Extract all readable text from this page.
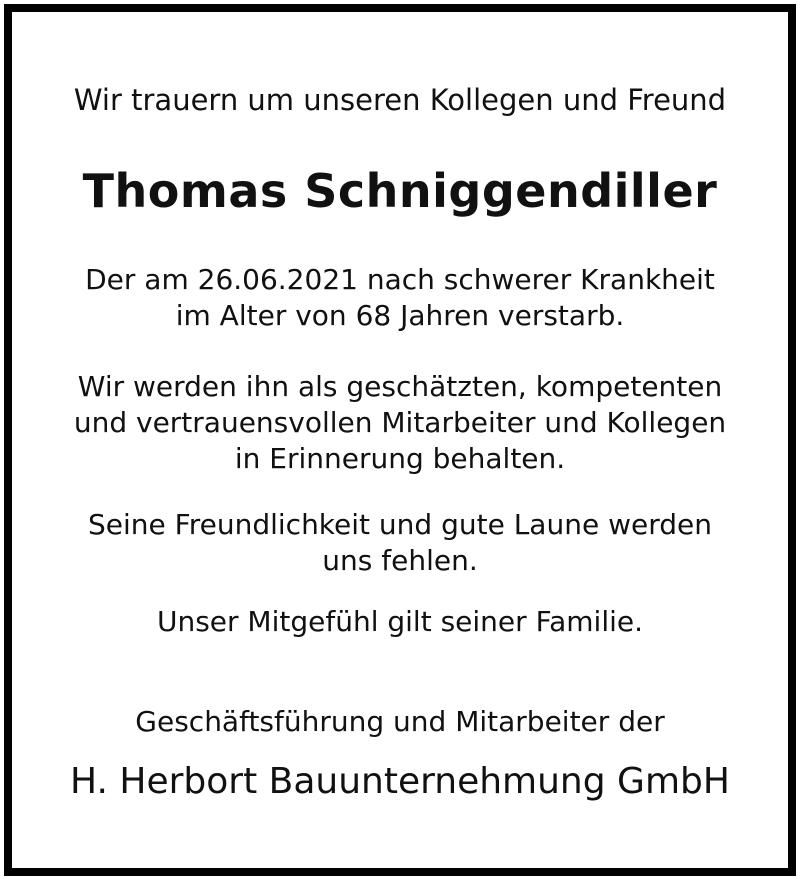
Wir trauern um unseren Kollegen und Freund
Thomas Schniggendiller
Der am 26.06.2021 nach schwerer Krankheit
im Alter von 68 Jahren verstarb.
Wir werden ihn als geschätzten, kompetenten
und vertrauensvollen Mitarbeiter und Kollegen
in Erinnerung behalten.
Seine Freundlichkeit und gute Laune werden
uns fehlen.
Unser Mitgefühl gilt seiner Familie.
Geschäftsführung und Mitarbeiter der
H. Herbort Bauunternehmung GmbH
